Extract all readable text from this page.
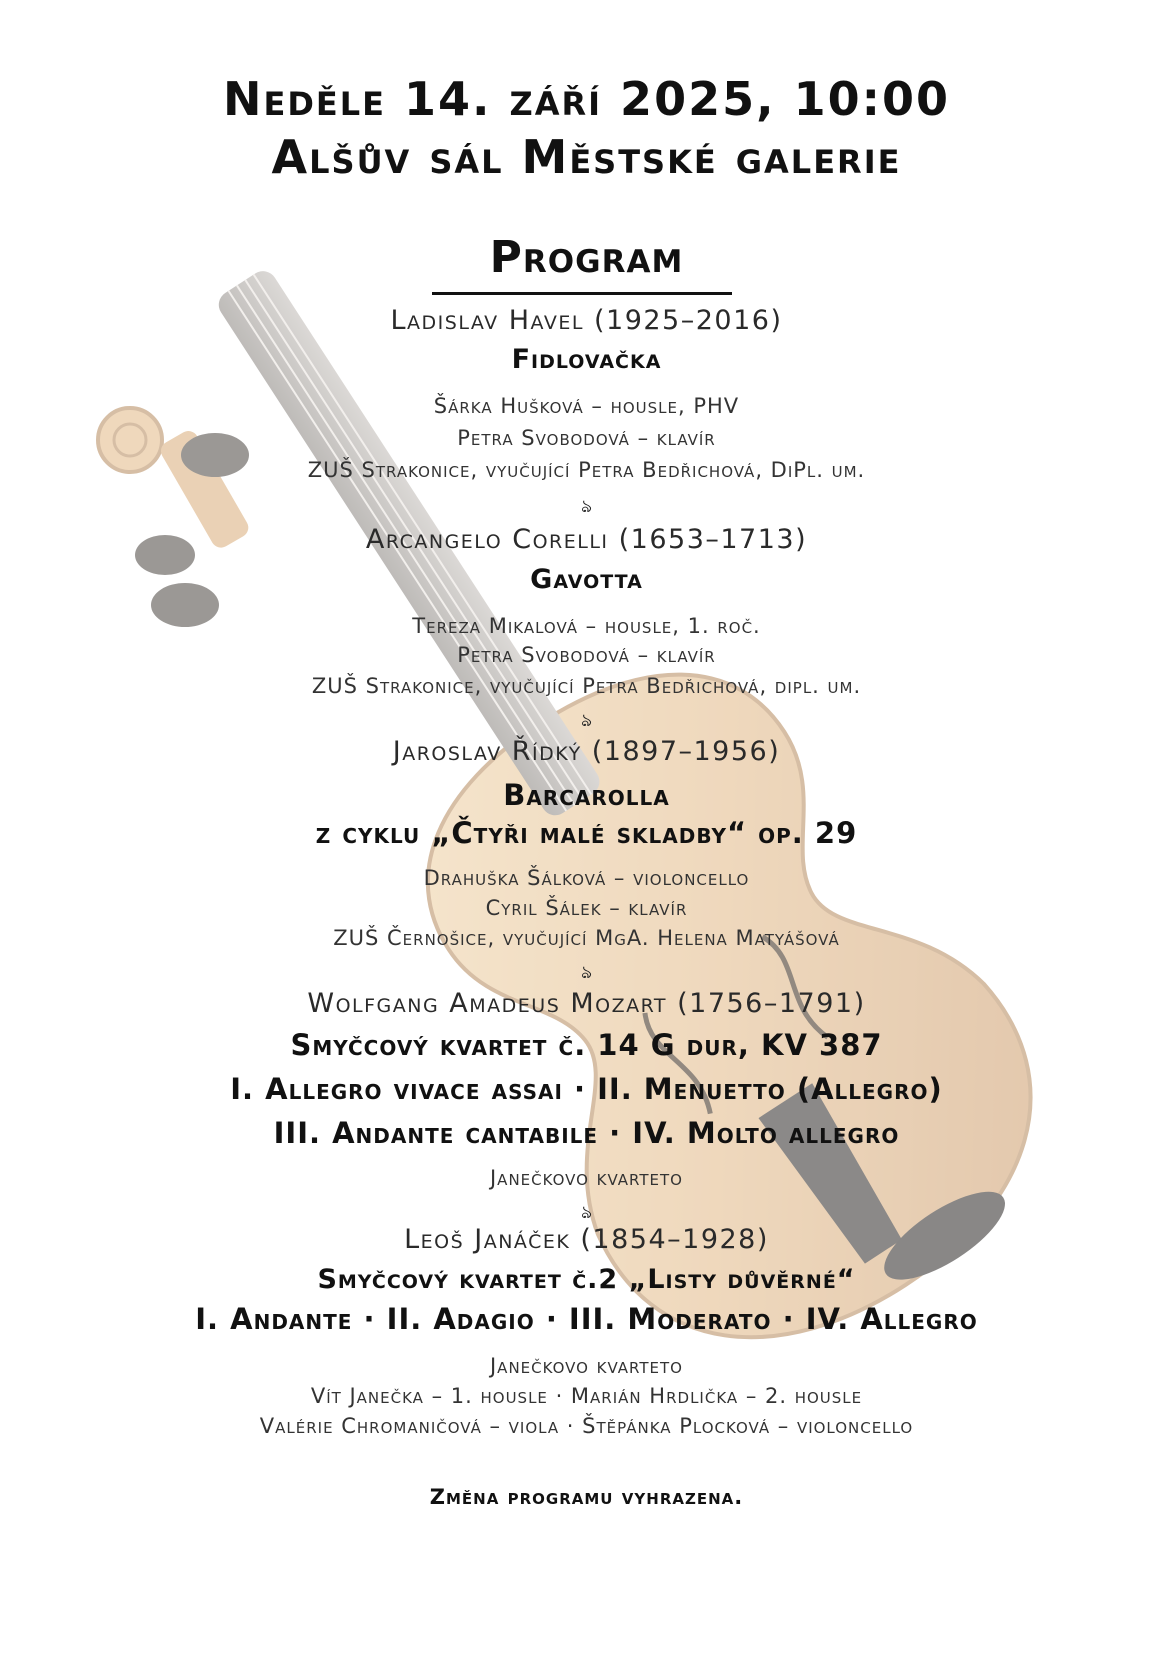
Neděle 14. září 2025, 10:00
Alšův sál Městské galerie
Program
Ladislav Havel (1925–2016)
Fidlovačka
Šárka Hušková – housle, PHV
Petra Svobodová – klavír
ZUŠ Strakonice, vyučující Petra Bedřichová, DiPl. um.
ঌ
Arcangelo Corelli (1653–1713)
Gavotta
Tereza Mikalová – housle, 1. roč.
Petra Svobodová – klavír
ZUŠ Strakonice, vyučující Petra Bedřichová, dipl. um.
ঌ
Jaroslav Řídký (1897–1956)
Barcarolla
z cyklu „Čtyři malé skladby“ op. 29
Drahuška Šálková – violoncello
Cyril Šálek – klavír
ZUŠ Černošice, vyučující MgA. Helena Matyášová
ঌ
Wolfgang Amadeus Mozart (1756–1791)
Smyčcový kvartet č. 14 G dur, KV 387
I. Allegro vivace assai · II. Menuetto (Allegro)
III. Andante cantabile · IV. Molto allegro
Janečkovo kvarteto
ঌ
Leoš Janáček (1854–1928)
Smyčcový kvartet č.2 „Listy důvěrné“
I. Andante · II. Adagio · III. Moderato · IV. Allegro
Janečkovo kvarteto
Vít Janečka – 1. housle · Marián Hrdlička – 2. housle
Valérie Chromaničová – viola · Štěpánka Plocková – violoncello
Změna programu vyhrazena.
